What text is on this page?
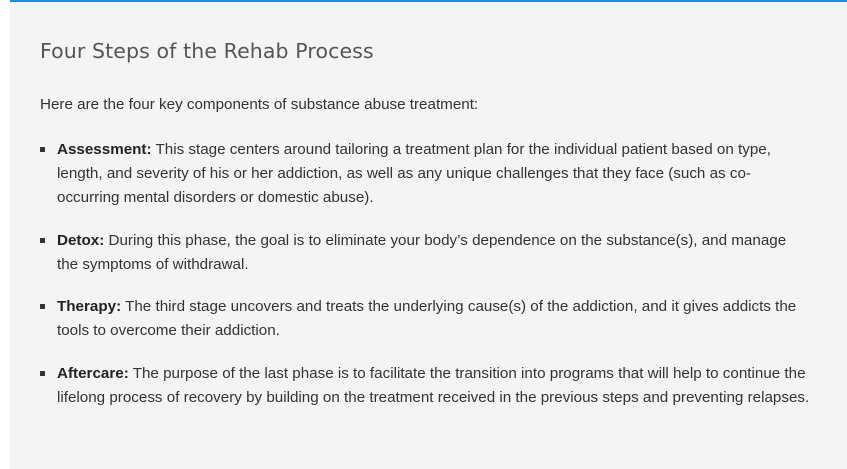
Four Steps of the Rehab Process

Here are the four key components of substance abuse treatment:

Assessment: This stage centers around tailoring a treatment plan for the individual patient based on type, length, and severity of his or her addiction, as well as any unique challenges that they face (such as co-occurring mental disorders or domestic abuse).
Detox: During this phase, the goal is to eliminate your body’s dependence on the substance(s), and manage the symptoms of withdrawal.
Therapy: The third stage uncovers and treats the underlying cause(s) of the addiction, and it gives addicts the tools to overcome their addiction.
Aftercare: The purpose of the last phase is to facilitate the transition into programs that will help to continue the lifelong process of recovery by building on the treatment received in the previous steps and preventing relapses.
